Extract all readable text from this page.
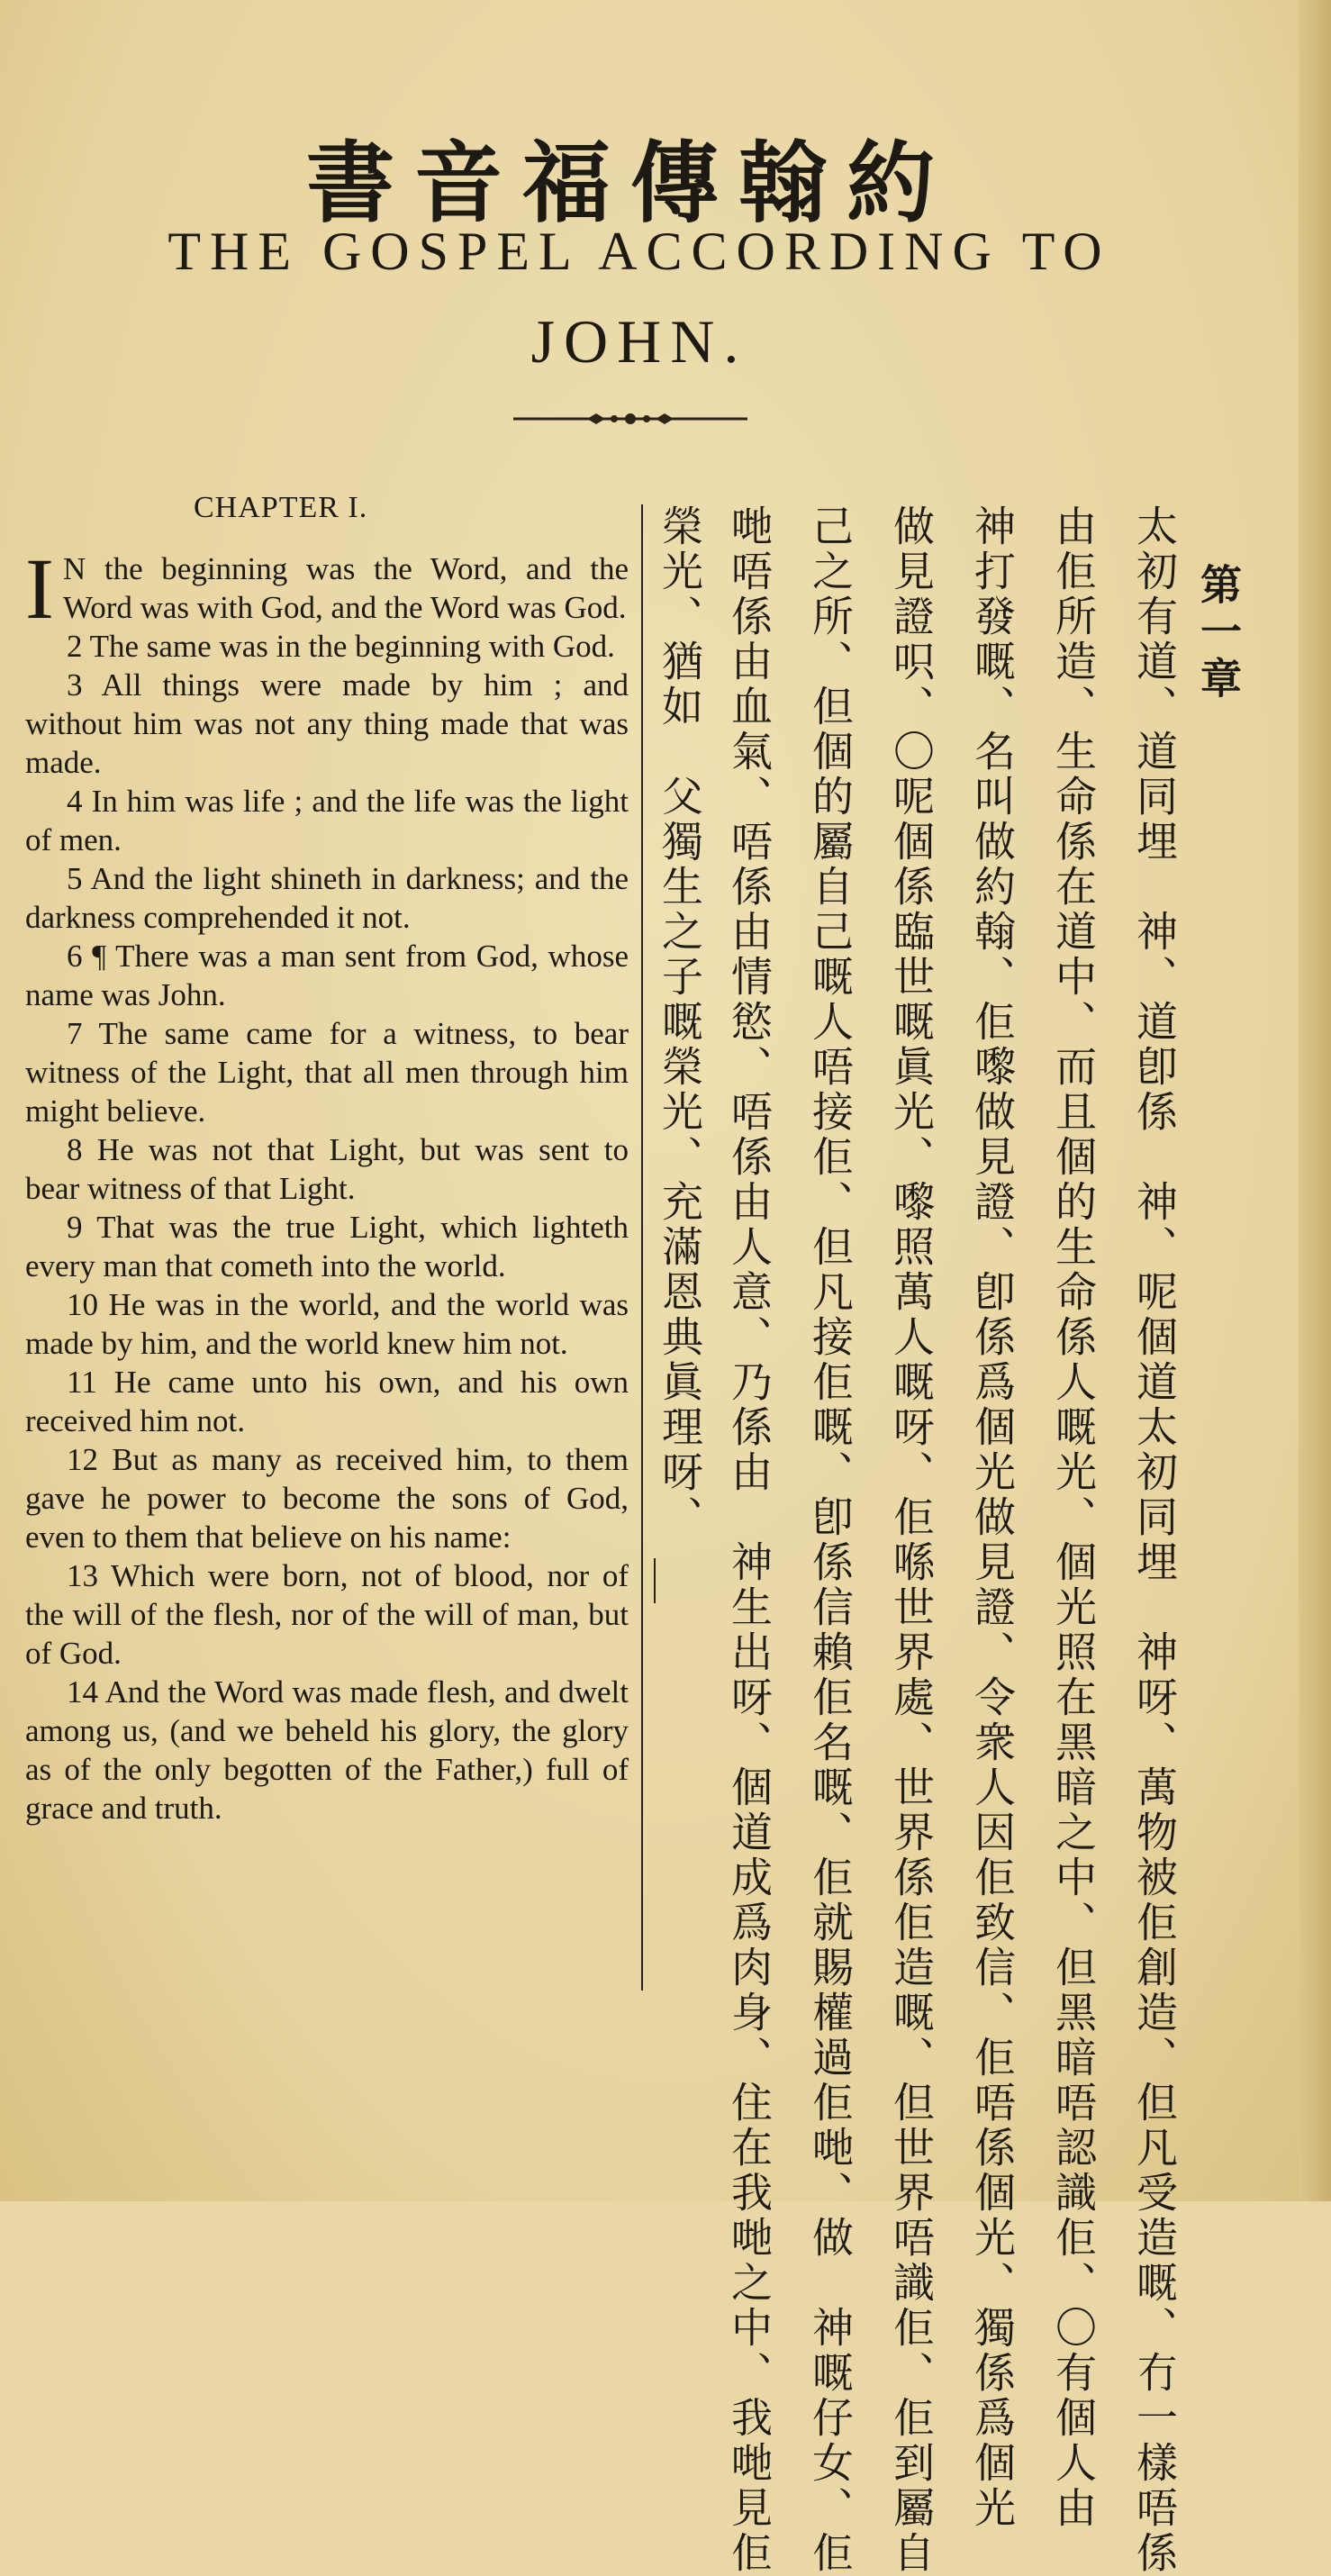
書音福傳翰約
THE GOSPEL ACCORDING TO
JOHN.
CHAPTER I.

I N the beginning was the Word, and the Word was with God, and the Word was God.

2 The same was in the beginning with God.

3 All things were made by him ; and without him was not any thing made that was made.

4 In him was life ; and the life was the light of men.

5 And the light shineth in darkness; and the darkness comprehended it not.

6 ¶ There was a man sent from God, whose name was John.

7 The same came for a witness, to bear witness of the Light, that all men through him might believe.

8 He was not that Light, but was sent to bear witness of that Light.

9 That was the true Light, which lighteth every man that cometh into the world.

10 He was in the world, and the world was made by him, and the world knew him not.

11 He came unto his own, and his own received him not.

12 But as many as received him, to them gave he power to become the sons of God, even to them that believe on his name:

13 Which were born, not of blood, nor of the will of the flesh, nor of the will of man, but of God.

14 And the Word was made flesh, and dwelt among us, (and we beheld his glory, the glory as of the only begotten of the Father,) full of grace and truth.

第一章
太初有道、道同埋　神、道卽係　神、呢個道太初同埋　神呀、萬物被佢創造、但凡受造嘅、冇一樣唔係
由佢所造、生命係在道中、而且個的生命係人嘅光、個光照在黑暗之中、但黑暗唔認識佢、〇有個人由
神打發嘅、名叫做約翰、佢嚟做見證、卽係爲個光做見證、令衆人因佢致信、佢唔係個光、獨係爲個光
做見證呮、〇呢個係臨世嘅眞光、嚟照萬人嘅呀、佢喺世界處、世界係佢造嘅、但世界唔識佢、佢到屬自
己之所、但個的屬自己嘅人唔接佢、但凡接佢嘅、卽係信賴佢名嘅、佢就賜權過佢哋、做　神嘅仔女、佢
哋唔係由血氣、唔係由情慾、唔係由人意、乃係由　神生出呀、個道成爲肉身、住在我哋之中、我哋見佢
榮光、猶如　父獨生之子嘅榮光、充滿恩典眞理呀、
